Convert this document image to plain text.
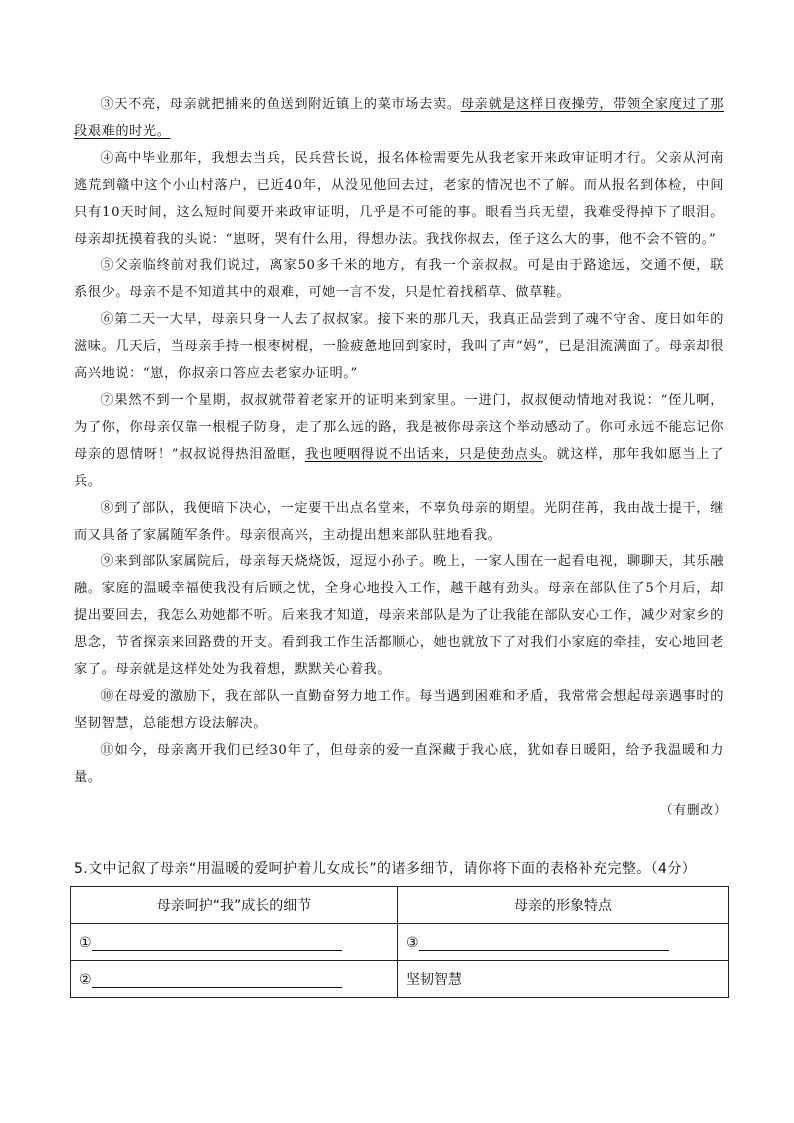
③天不亮，母亲就把捕来的鱼送到附近镇上的菜市场去卖。母亲就是这样日夜操劳，带领全家度过了那段艰难的时光。

④高中毕业那年，我想去当兵，民兵营长说，报名体检需要先从我老家开来政审证明才行。父亲从河南逃荒到赣中这个小山村落户，已近40年，从没见他回去过，老家的情况也不了解。而从报名到体检，中间只有10天时间，这么短时间要开来政审证明，几乎是不可能的事。眼看当兵无望，我难受得掉下了眼泪。母亲却抚摸着我的头说：“崽呀，哭有什么用，得想办法。我找你叔去，侄子这么大的事，他不会不管的。”

⑤父亲临终前对我们说过，离家50多千米的地方，有我一个亲叔叔。可是由于路途远，交通不便，联系很少。母亲不是不知道其中的艰难，可她一言不发，只是忙着找稻草、做草鞋。

⑥第二天一大早，母亲只身一人去了叔叔家。接下来的那几天，我真正品尝到了魂不守舍、度日如年的滋味。几天后，当母亲手持一根枣树棍，一脸疲惫地回到家时，我叫了声“妈”，已是泪流满面了。母亲却很高兴地说：“崽，你叔亲口答应去老家办证明。”

⑦果然不到一个星期，叔叔就带着老家开的证明来到家里。一进门，叔叔便动情地对我说：“侄儿啊，为了你，你母亲仅靠一根棍子防身，走了那么远的路，我是被你母亲这个举动感动了。你可永远不能忘记你母亲的恩情呀！”叔叔说得热泪盈眶，我也哽咽得说不出话来，只是使劲点头。就这样，那年我如愿当上了兵。

⑧到了部队，我便暗下决心，一定要干出点名堂来，不辜负母亲的期望。光阴荏苒，我由战士提干，继而又具备了家属随军条件。母亲很高兴，主动提出想来部队驻地看我。

⑨来到部队家属院后，母亲每天烧烧饭，逗逗小孙子。晚上，一家人围在一起看电视，聊聊天，其乐融融。家庭的温暖幸福使我没有后顾之忧，全身心地投入工作，越干越有劲头。母亲在部队住了5个月后，却提出要回去，我怎么劝她都不听。后来我才知道，母亲来部队是为了让我能在部队安心工作，减少对家乡的思念，节省探亲来回路费的开支。看到我工作生活都顺心，她也就放下了对我们小家庭的牵挂，安心地回老家了。母亲就是这样处处为我着想，默默关心着我。

⑩在母爱的激励下，我在部队一直勤奋努力地工作。每当遇到困难和矛盾，我常常会想起母亲遇事时的坚韧智慧，总能想方设法解决。

⑪如今，母亲离开我们已经30年了，但母亲的爱一直深藏于我心底，犹如春日暖阳，给予我温暖和力量。

（有删改）
5.文中记叙了母亲“用温暖的爱呵护着儿女成长”的诸多细节，请你将下面的表格补充完整。（4分）
母亲呵护“我”成长的细节	母亲的形象特点
①	③
②	坚韧智慧
